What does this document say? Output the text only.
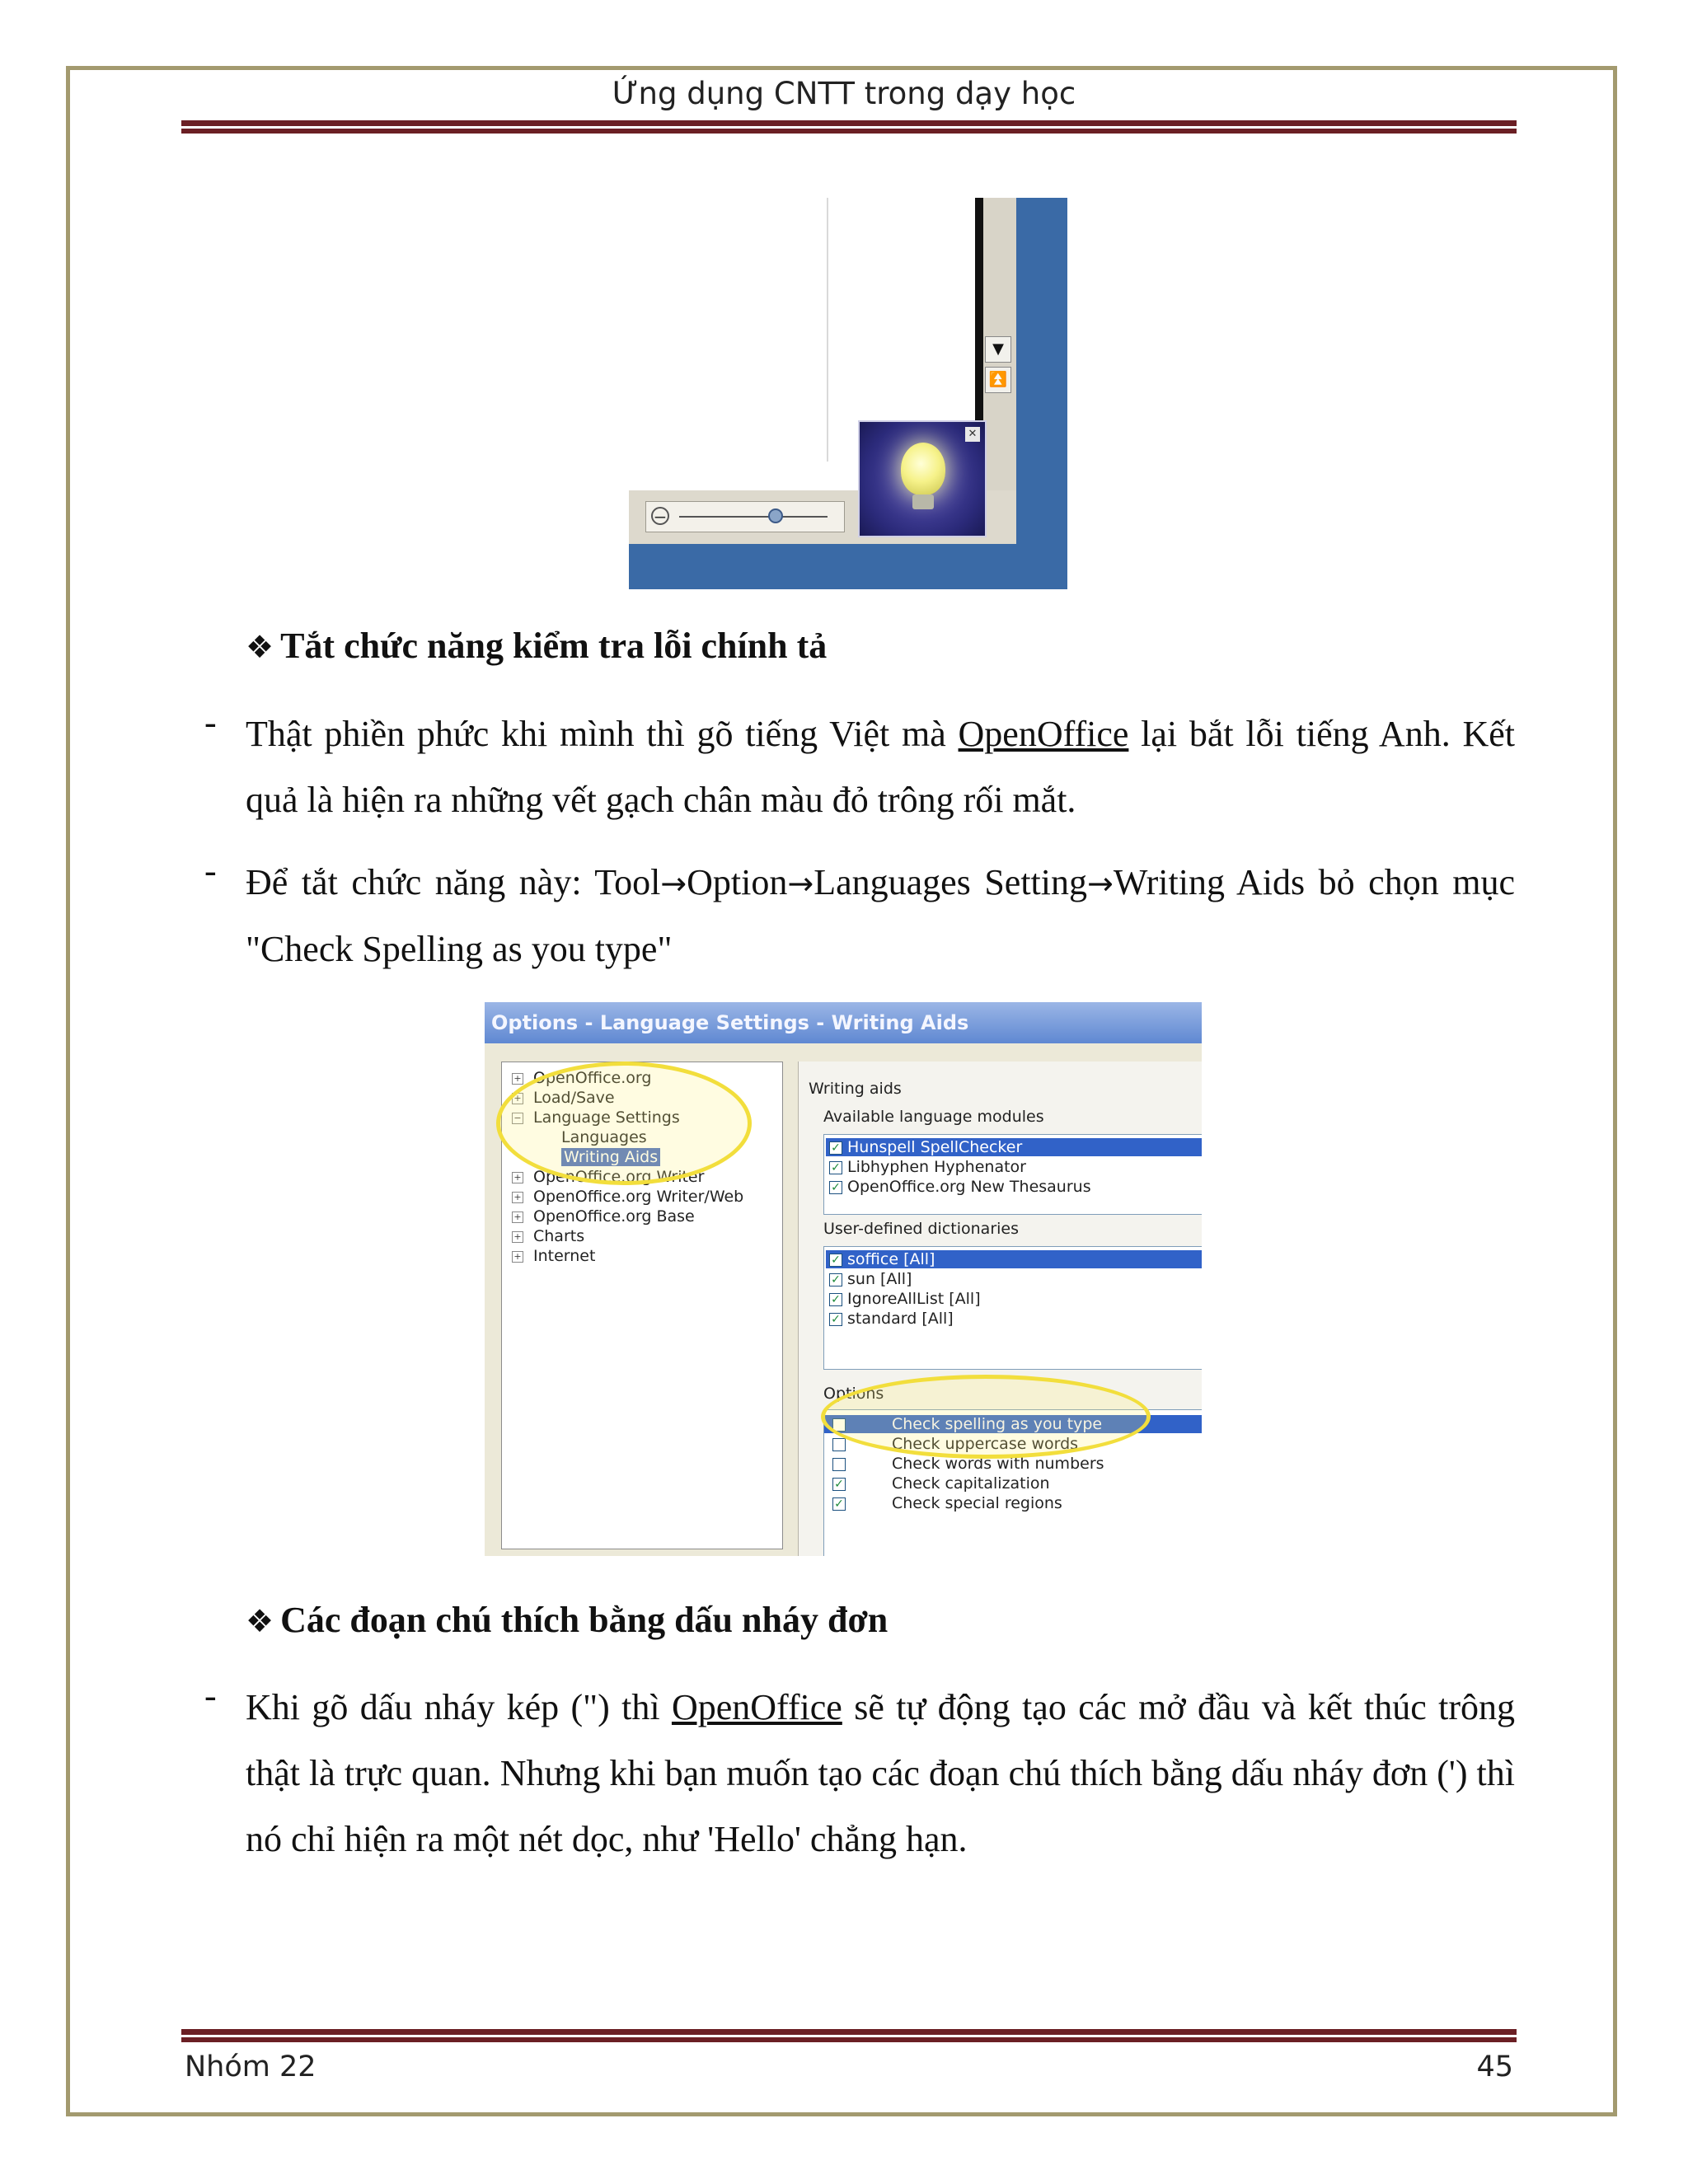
Ứng dụng CNTT trong dạy học
▼
⏫
−
✕
❖ Tắt chức năng kiểm tra lỗi chính tả
- Thật phiền phức khi mình thì gõ tiếng Việt mà OpenOffice lại bắt lỗi tiếng Anh. Kết quả là hiện ra những vết gạch chân màu đỏ trông rối mắt.
- Để tắt chức năng này: Tool→Option→Languages Setting→Writing Aids bỏ chọn mục "Check Spelling as you type"
Options - Language Settings - Writing Aids
+ OpenOffice.org
+ Load/Save
− Language Settings
Languages
Writing Aids
+ OpenOffice.org Writer
+ OpenOffice.org Writer/Web
+ OpenOffice.org Base
+ Charts
+ Internet
Writing aids
Available language modules
✓ Hunspell SpellChecker
✓ Libhyphen Hyphenator
✓ OpenOffice.org New Thesaurus
User-defined dictionaries
✓ soffice [All]
✓ sun [All]
✓ IgnoreAllList [All]
✓ standard [All]
Options
Check spelling as you type
Check uppercase words
Check words with numbers
✓	Check capitalization
✓	Check special regions
❖ Các đoạn chú thích bằng dấu nháy đơn
- Khi gõ dấu nháy kép (") thì OpenOffice sẽ tự động tạo các mở đầu và kết thúc trông thật là trực quan. Nhưng khi bạn muốn tạo các đoạn chú thích bằng dấu nháy đơn (') thì nó chỉ hiện ra một nét dọc, như 'Hello' chẳng hạn.
Nhóm 22	45
